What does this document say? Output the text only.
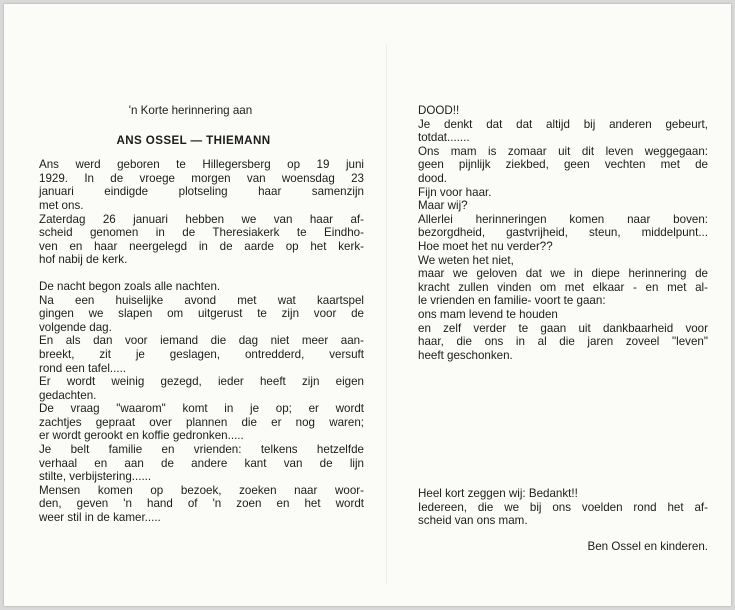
'n Korte herinnering aan
ANS OSSEL — THIEMANN
Ans werd geboren te Hillegersberg op 19 juni
1929. In de vroege morgen van woensdag 23
januari eindigde plotseling haar samenzijn
met ons.
Zaterdag 26 januari hebben we van haar af-
scheid genomen in de Theresiakerk te Eindho-
ven en haar neergelegd in de aarde op het kerk-
hof nabij de kerk.
De nacht begon zoals alle nachten.
Na een huiselijke avond met wat kaartspel
gingen we slapen om uitgerust te zijn voor de
volgende dag.
En als dan voor iemand die dag niet meer aan-
breekt, zit je geslagen, ontredderd, versuft
rond een tafel.....
Er wordt weinig gezegd, ieder heeft zijn eigen
gedachten.
De vraag "waarom" komt in je op; er wordt
zachtjes gepraat over plannen die er nog waren;
er wordt gerookt en koffie gedronken.....
Je belt familie en vrienden: telkens hetzelfde
verhaal en aan de andere kant van de lijn
stilte, verbijstering......
Mensen komen op bezoek, zoeken naar woor-
den, geven 'n hand of 'n zoen en het wordt
weer stil in de kamer.....
DOOD!!
Je denkt dat dat altijd bij anderen gebeurt,
totdat.......
Ons mam is zomaar uit dit leven weggegaan:
geen pijnlijk ziekbed, geen vechten met de
dood.
Fijn voor haar.
Maar wij?
Allerlei herinneringen komen naar boven:
bezorgdheid, gastvrijheid, steun, middelpunt...
Hoe moet het nu verder??
We weten het niet,
maar we geloven dat we in diepe herinnering de
kracht zullen vinden om met elkaar - en met al-
le vrienden en familie- voort te gaan:
ons mam levend te houden
en zelf verder te gaan uit dankbaarheid voor
haar, die ons in al die jaren zoveel "leven"
heeft geschonken.
Heel kort zeggen wij: Bedankt!!
Iedereen, die we bij ons voelden rond het af-
scheid van ons mam.
Ben Ossel en kinderen.
